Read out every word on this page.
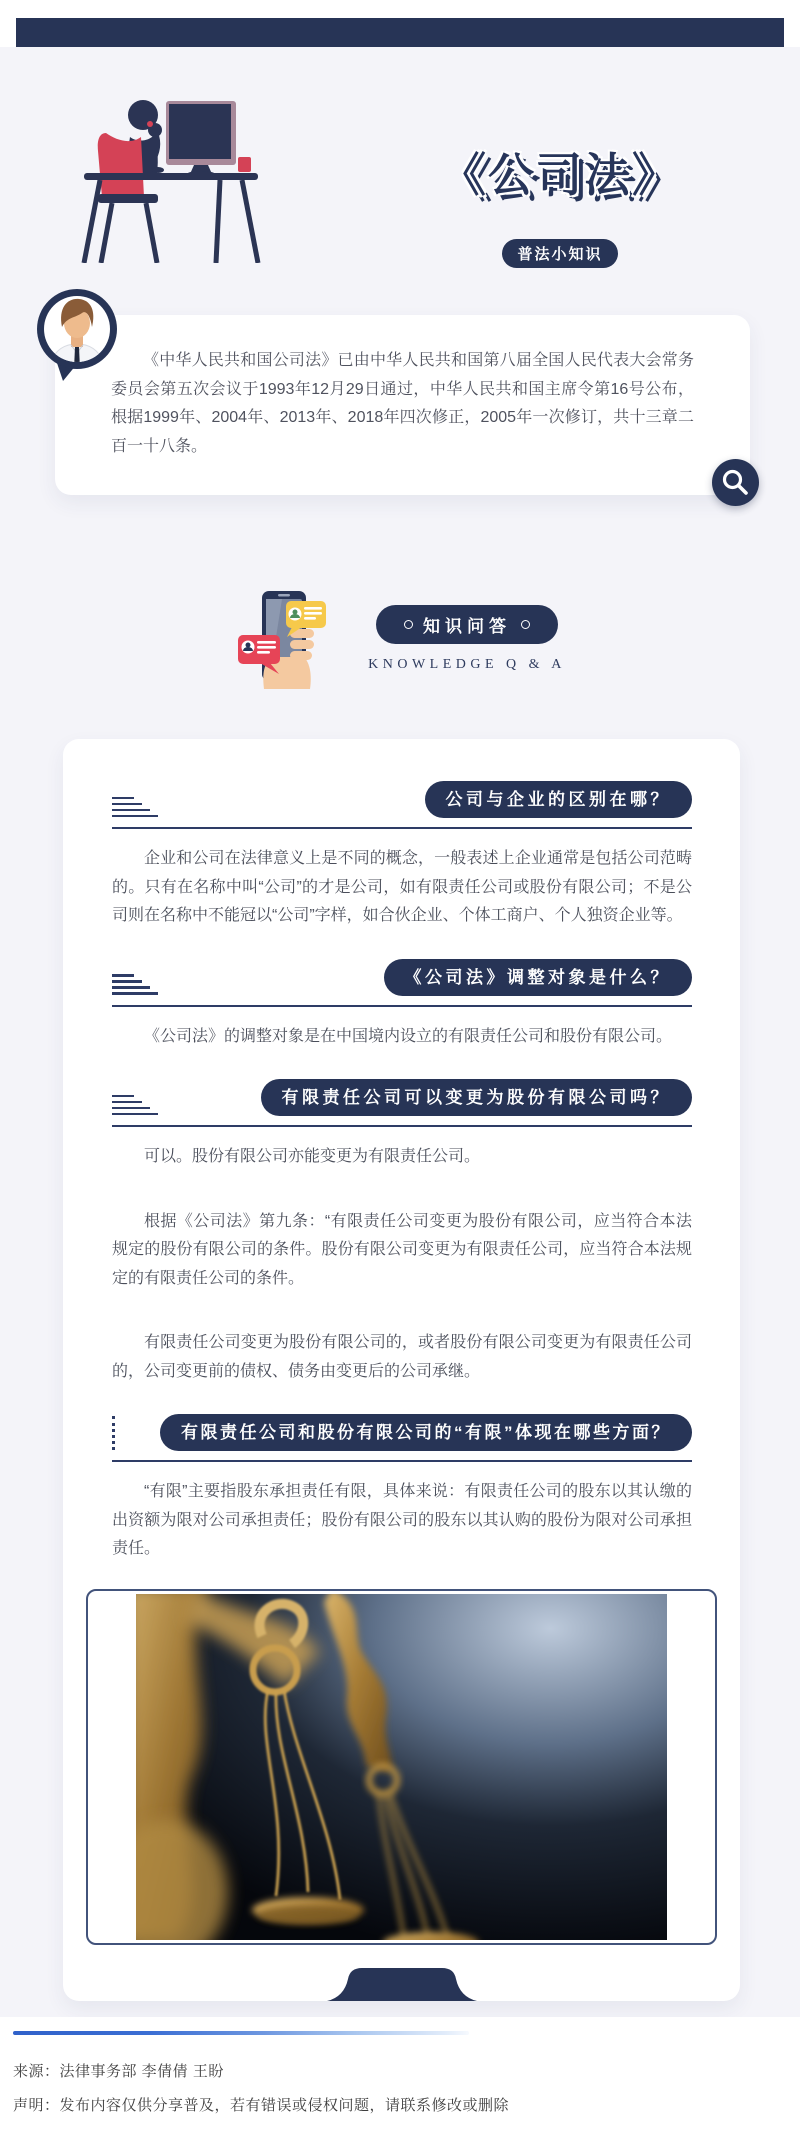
《公司法》
普法小知识

《中华人民共和国公司法》已由中华人民共和国第八届全国人民代表大会常务委员会第五次会议于1993年12月29日通过，中华人民共和国主席令第16号公布，根据1999年、2004年、2013年、2018年四次修正，2005年一次修订，共十三章二百一十八条。

知识问答
KNOWLEDGE Q & A
公司与企业的区别在哪？

企业和公司在法律意义上是不同的概念，一般表述上企业通常是包括公司范畴的。只有在名称中叫“公司”的才是公司，如有限责任公司或股份有限公司；不是公司则在名称中不能冠以“公司”字样，如合伙企业、个体工商户、个人独资企业等。

《公司法》调整对象是什么？

《公司法》的调整对象是在中国境内设立的有限责任公司和股份有限公司。

有限责任公司可以变更为股份有限公司吗？

可以。股份有限公司亦能变更为有限责任公司。

根据《公司法》第九条：“有限责任公司变更为股份有限公司，应当符合本法规定的股份有限公司的条件。股份有限公司变更为有限责任公司，应当符合本法规定的有限责任公司的条件。

有限责任公司变更为股份有限公司的，或者股份有限公司变更为有限责任公司的，公司变更前的债权、债务由变更后的公司承继。

有限责任公司和股份有限公司的“有限”体现在哪些方面？

“有限”主要指股东承担责任有限，具体来说：有限责任公司的股东以其认缴的出资额为限对公司承担责任；股份有限公司的股东以其认购的股份为限对公司承担责任。

来源：法律事务部 李倩倩 王盼

声明：发布内容仅供分享普及，若有错误或侵权问题，请联系修改或删除
